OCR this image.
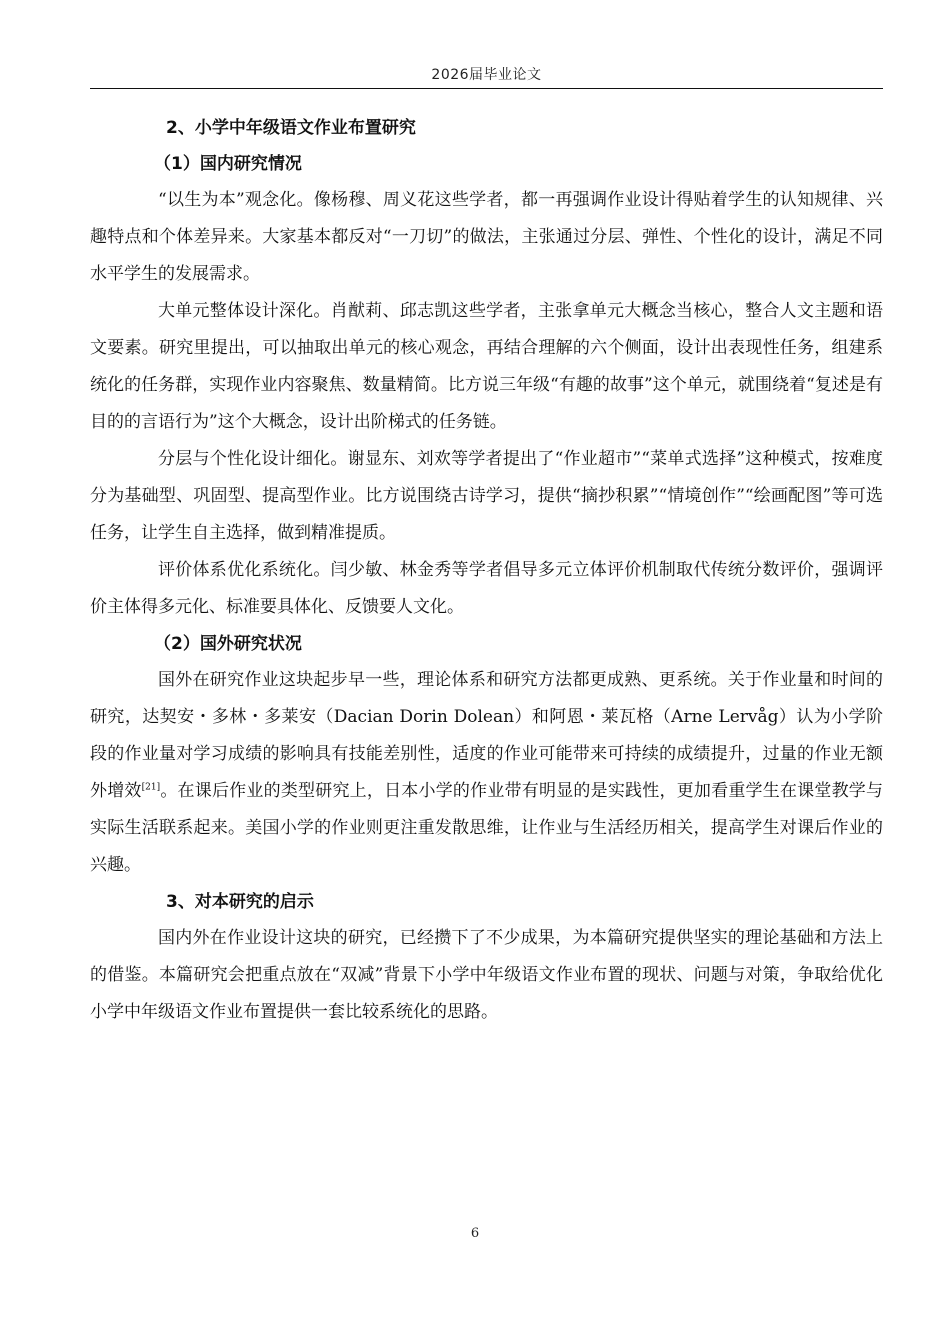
2026届毕业论文
2、小学中年级语文作业布置研究
（1）国内研究情况

“以生为本”观念化。像杨穆、周义花这些学者，都一再强调作业设计得贴着学生的认知规律、兴趣特点和个体差异来。大家基本都反对“一刀切”的做法，主张通过分层、弹性、个性化的设计，满足不同水平学生的发展需求。

大单元整体设计深化。肖猷莉、邱志凯这些学者，主张拿单元大概念当核心，整合人文主题和语文要素。研究里提出，可以抽取出单元的核心观念，再结合理解的六个侧面，设计出表现性任务，组建系统化的任务群，实现作业内容聚焦、数量精简。比方说三年级“有趣的故事”这个单元，就围绕着“复述是有目的的言语行为”这个大概念，设计出阶梯式的任务链。

分层与个性化设计细化。谢显东、刘欢等学者提出了“作业超市”“菜单式选择”这种模式，按难度分为基础型、巩固型、提高型作业。比方说围绕古诗学习，提供“摘抄积累”“情境创作”“绘画配图”等可选任务，让学生自主选择，做到精准提质。

评价体系优化系统化。闫少敏、林金秀等学者倡导多元立体评价机制取代传统分数评价，强调评价主体得多元化、标准要具体化、反馈要人文化。

（2）国外研究状况

国外在研究作业这块起步早一些，理论体系和研究方法都更成熟、更系统。关于作业量和时间的研究，达契安・多林・多莱安（Dacian Dorin Dolean）和阿恩・莱瓦格（Arne Lervåg）认为小学阶段的作业量对学习成绩的影响具有技能差别性，适度的作业可能带来可持续的成绩提升，过量的作业无额外增效[21]。在课后作业的类型研究上，日本小学的作业带有明显的是实践性，更加看重学生在课堂教学与实际生活联系起来。美国小学的作业则更注重发散思维，让作业与生活经历相关，提高学生对课后作业的兴趣。

3、对本研究的启示

国内外在作业设计这块的研究，已经攒下了不少成果，为本篇研究提供坚实的理论基础和方法上的借鉴。本篇研究会把重点放在“双减”背景下小学中年级语文作业布置的现状、问题与对策，争取给优化小学中年级语文作业布置提供一套比较系统化的思路。

6
